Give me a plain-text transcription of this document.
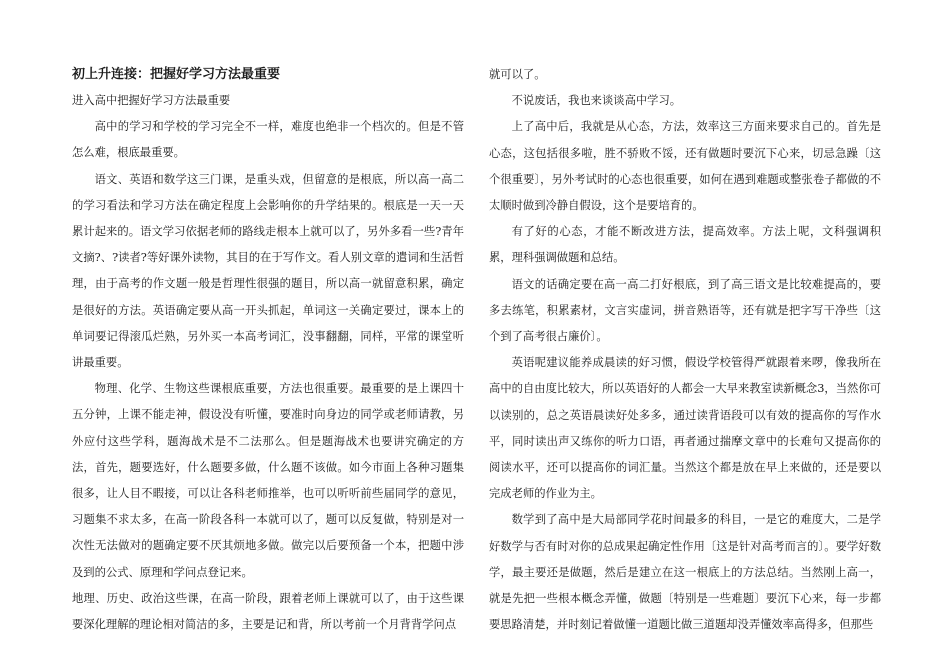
初上升连接：把握好学习方法最重要

进入高中把握好学习方法最重要

高中的学习和学校的学习完全不一样，难度也绝非一个档次的。但是不管怎么难，根底最重要。

语文、英语和数学这三门课，是重头戏，但留意的是根底，所以高一高二的学习看法和学习方法在确定程度上会影响你的升学结果的。根底是一天一天累计起来的。语文学习依据老师的路线走根本上就可以了，另外多看一些?青年文摘?、?读者?等好课外读物，其目的在于写作文。看人别文章的遣词和生活哲理，由于高考的作文题一般是哲理性很强的题目，所以高一就留意积累，确定是很好的方法。英语确定要从高一开头抓起，单词这一关确定要过，课本上的单词要记得滚瓜烂熟，另外买一本高考词汇，没事翻翻，同样，平常的课堂听讲最重要。

物理、化学、生物这些课根底重要，方法也很重要。最重要的是上课四十五分钟，上课不能走神，假设没有听懂，要准时向身边的同学或老师请教，另外应付这些学科，题海战术是不二法那么。但是题海战术也要讲究确定的方法，首先，题要选好，什么题要多做，什么题不该做。如今市面上各种习题集很多，让人目不暇接，可以让各科老师推举，也可以听听前些届同学的意见，习题集不求太多，在高一阶段各科一本就可以了，题可以反复做，特别是对一次性无法做对的题确定要不厌其烦地多做。做完以后要预备一个本，把题中涉及到的公式、原理和学问点登记来。

地理、历史、政治这些课，在高一阶段，跟着老师上课就可以了，由于这些课要深化理解的理论相对简洁的多，主要是记和背，所以考前一个月背背学问点

就可以了。

不说废话，我也来谈谈高中学习。

上了高中后，我就是从心态，方法，效率这三方面来要求自己的。首先是心态，这包括很多啦，胜不骄败不馁，还有做题时要沉下心来，切忌急躁〔这个很重要〕，另外考试时的心态也很重要，如何在遇到难题或整张卷子都做的不太顺时做到冷静自假设，这个是要培育的。

有了好的心态，才能不断改进方法，提高效率。方法上呢，文科强调积累，理科强调做题和总结。

语文的话确定要在高一高二打好根底，到了高三语文是比较难提高的，要多去练笔，积累素材，文言实虚词，拼音熟语等，还有就是把字写干净些〔这个到了高考很占廉价〕。

英语呢建议能养成晨读的好习惯，假设学校管得严就跟着来啰，像我所在高中的自由度比较大，所以英语好的人都会一大早来教室读新概念3，当然你可以读别的，总之英语晨读好处多多，通过读背语段可以有效的提高你的写作水平，同时读出声又练你的听力口语，再者通过揣摩文章中的长难句又提高你的阅读水平，还可以提高你的词汇量。当然这个都是放在早上来做的，还是要以完成老师的作业为主。

数学到了高中是大局部同学花时间最多的科目，一是它的难度大，二是学好数学与否有时对你的总成果起确定性作用〔这是针对高考而言的〕。要学好数学，最主要还是做题，然后是建立在这一根底上的方法总结。当然刚上高一，就是先把一些根本概念弄懂，做题〔特别是一些难题〕要沉下心来，每一步都要思路清楚，并时刻记着做懂一道题比做三道题却没弄懂效率高得多，但那些
